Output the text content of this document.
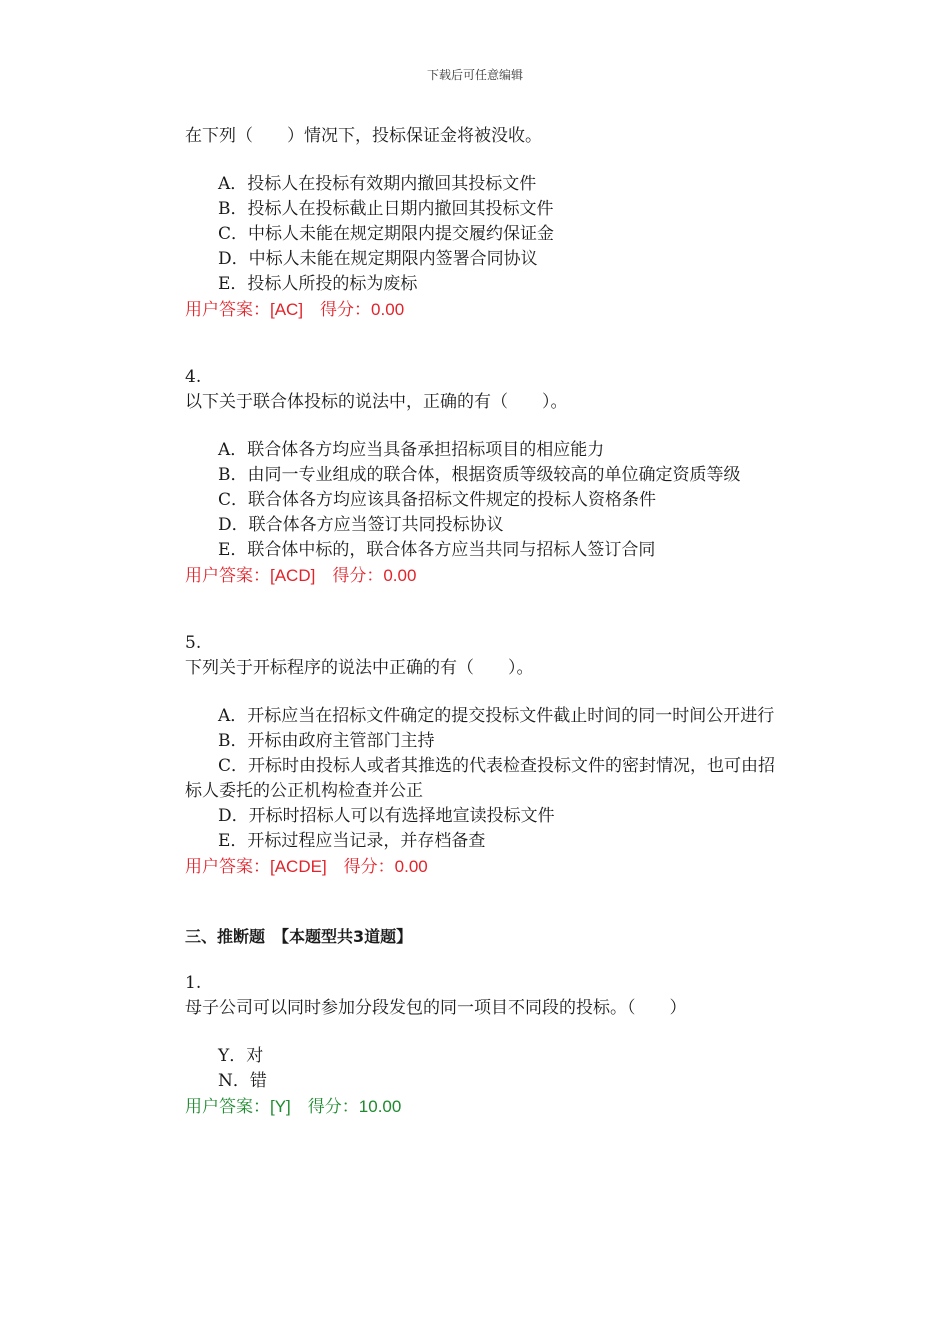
下载后可任意编辑

在下列（　　）情况下，投标保证金将被没收。

A．投标人在投标有效期内撤回其投标文件

B．投标人在投标截止日期内撤回其投标文件

C．中标人未能在规定期限内提交履约保证金

D．中标人未能在规定期限内签署合同协议

E．投标人所投的标为废标

用户答案：[AC]　得分：0.00

4.

以下关于联合体投标的说法中，正确的有（　　）。

A．联合体各方均应当具备承担招标项目的相应能力

B．由同一专业组成的联合体，根据资质等级较高的单位确定资质等级

C．联合体各方均应该具备招标文件规定的投标人资格条件

D．联合体各方应当签订共同投标协议

E．联合体中标的，联合体各方应当共同与招标人签订合同

用户答案：[ACD]　得分：0.00

5.

下列关于开标程序的说法中正确的有（　　）。

A．开标应当在招标文件确定的提交投标文件截止时间的同一时间公开进行

B．开标由政府主管部门主持

C．开标时由投标人或者其推选的代表检查投标文件的密封情况，也可由招标人委托的公正机构检查并公正

D．开标时招标人可以有选择地宣读投标文件

E．开标过程应当记录，并存档备查

用户答案：[ACDE]　得分：0.00

三、推断题　【本题型共3道题】

1.

母子公司可以同时参加分段发包的同一项目不同段的投标。（　　）

Y．对

N．错

用户答案：[Y]　得分：10.00
